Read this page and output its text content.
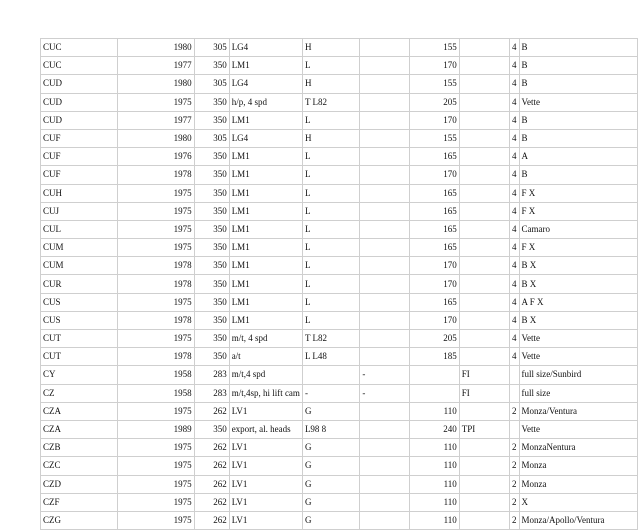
CUC	1980	305	LG4	H		155		4	B
CUC	1977	350	LM1	L		170		4	B
CUD	1980	305	LG4	H		155		4	B
CUD	1975	350	h/p, 4 spd	T L82		205		4	Vette
CUD	1977	350	LM1	L		170		4	B
CUF	1980	305	LG4	H		155		4	B
CUF	1976	350	LM1	L		165		4	A
CUF	1978	350	LM1	L		170		4	B
CUH	1975	350	LM1	L		165		4	F X
CUJ	1975	350	LM1	L		165		4	F X
CUL	1975	350	LM1	L		165		4	Camaro
CUM	1975	350	LM1	L		165		4	F X
CUM	1978	350	LM1	L		170		4	B X
CUR	1978	350	LM1	L		170		4	B X
CUS	1975	350	LM1	L		165		4	A F X
CUS	1978	350	LM1	L		170		4	B X
CUT	1975	350	m/t, 4 spd	T L82		205		4	Vette
CUT	1978	350	a/t	L L48		185		4	Vette
CY	1958	283	m/t,4 spd		-		FI		full size/Sunbird
CZ	1958	283	m/t,4sp, hi lift cam	-	-		FI		full size
CZA	1975	262	LV1	G		110		2	Monza/Ventura
CZA	1989	350	export, al. heads	L98 8		240	TPI		Vette
CZB	1975	262	LV1	G		110		2	MonzaNentura
CZC	1975	262	LV1	G		110		2	Monza
CZD	1975	262	LV1	G		110		2	Monza
CZF	1975	262	LV1	G		110		2	X
CZG	1975	262	LV1	G		110		2	Monza/Apollo/Ventura
